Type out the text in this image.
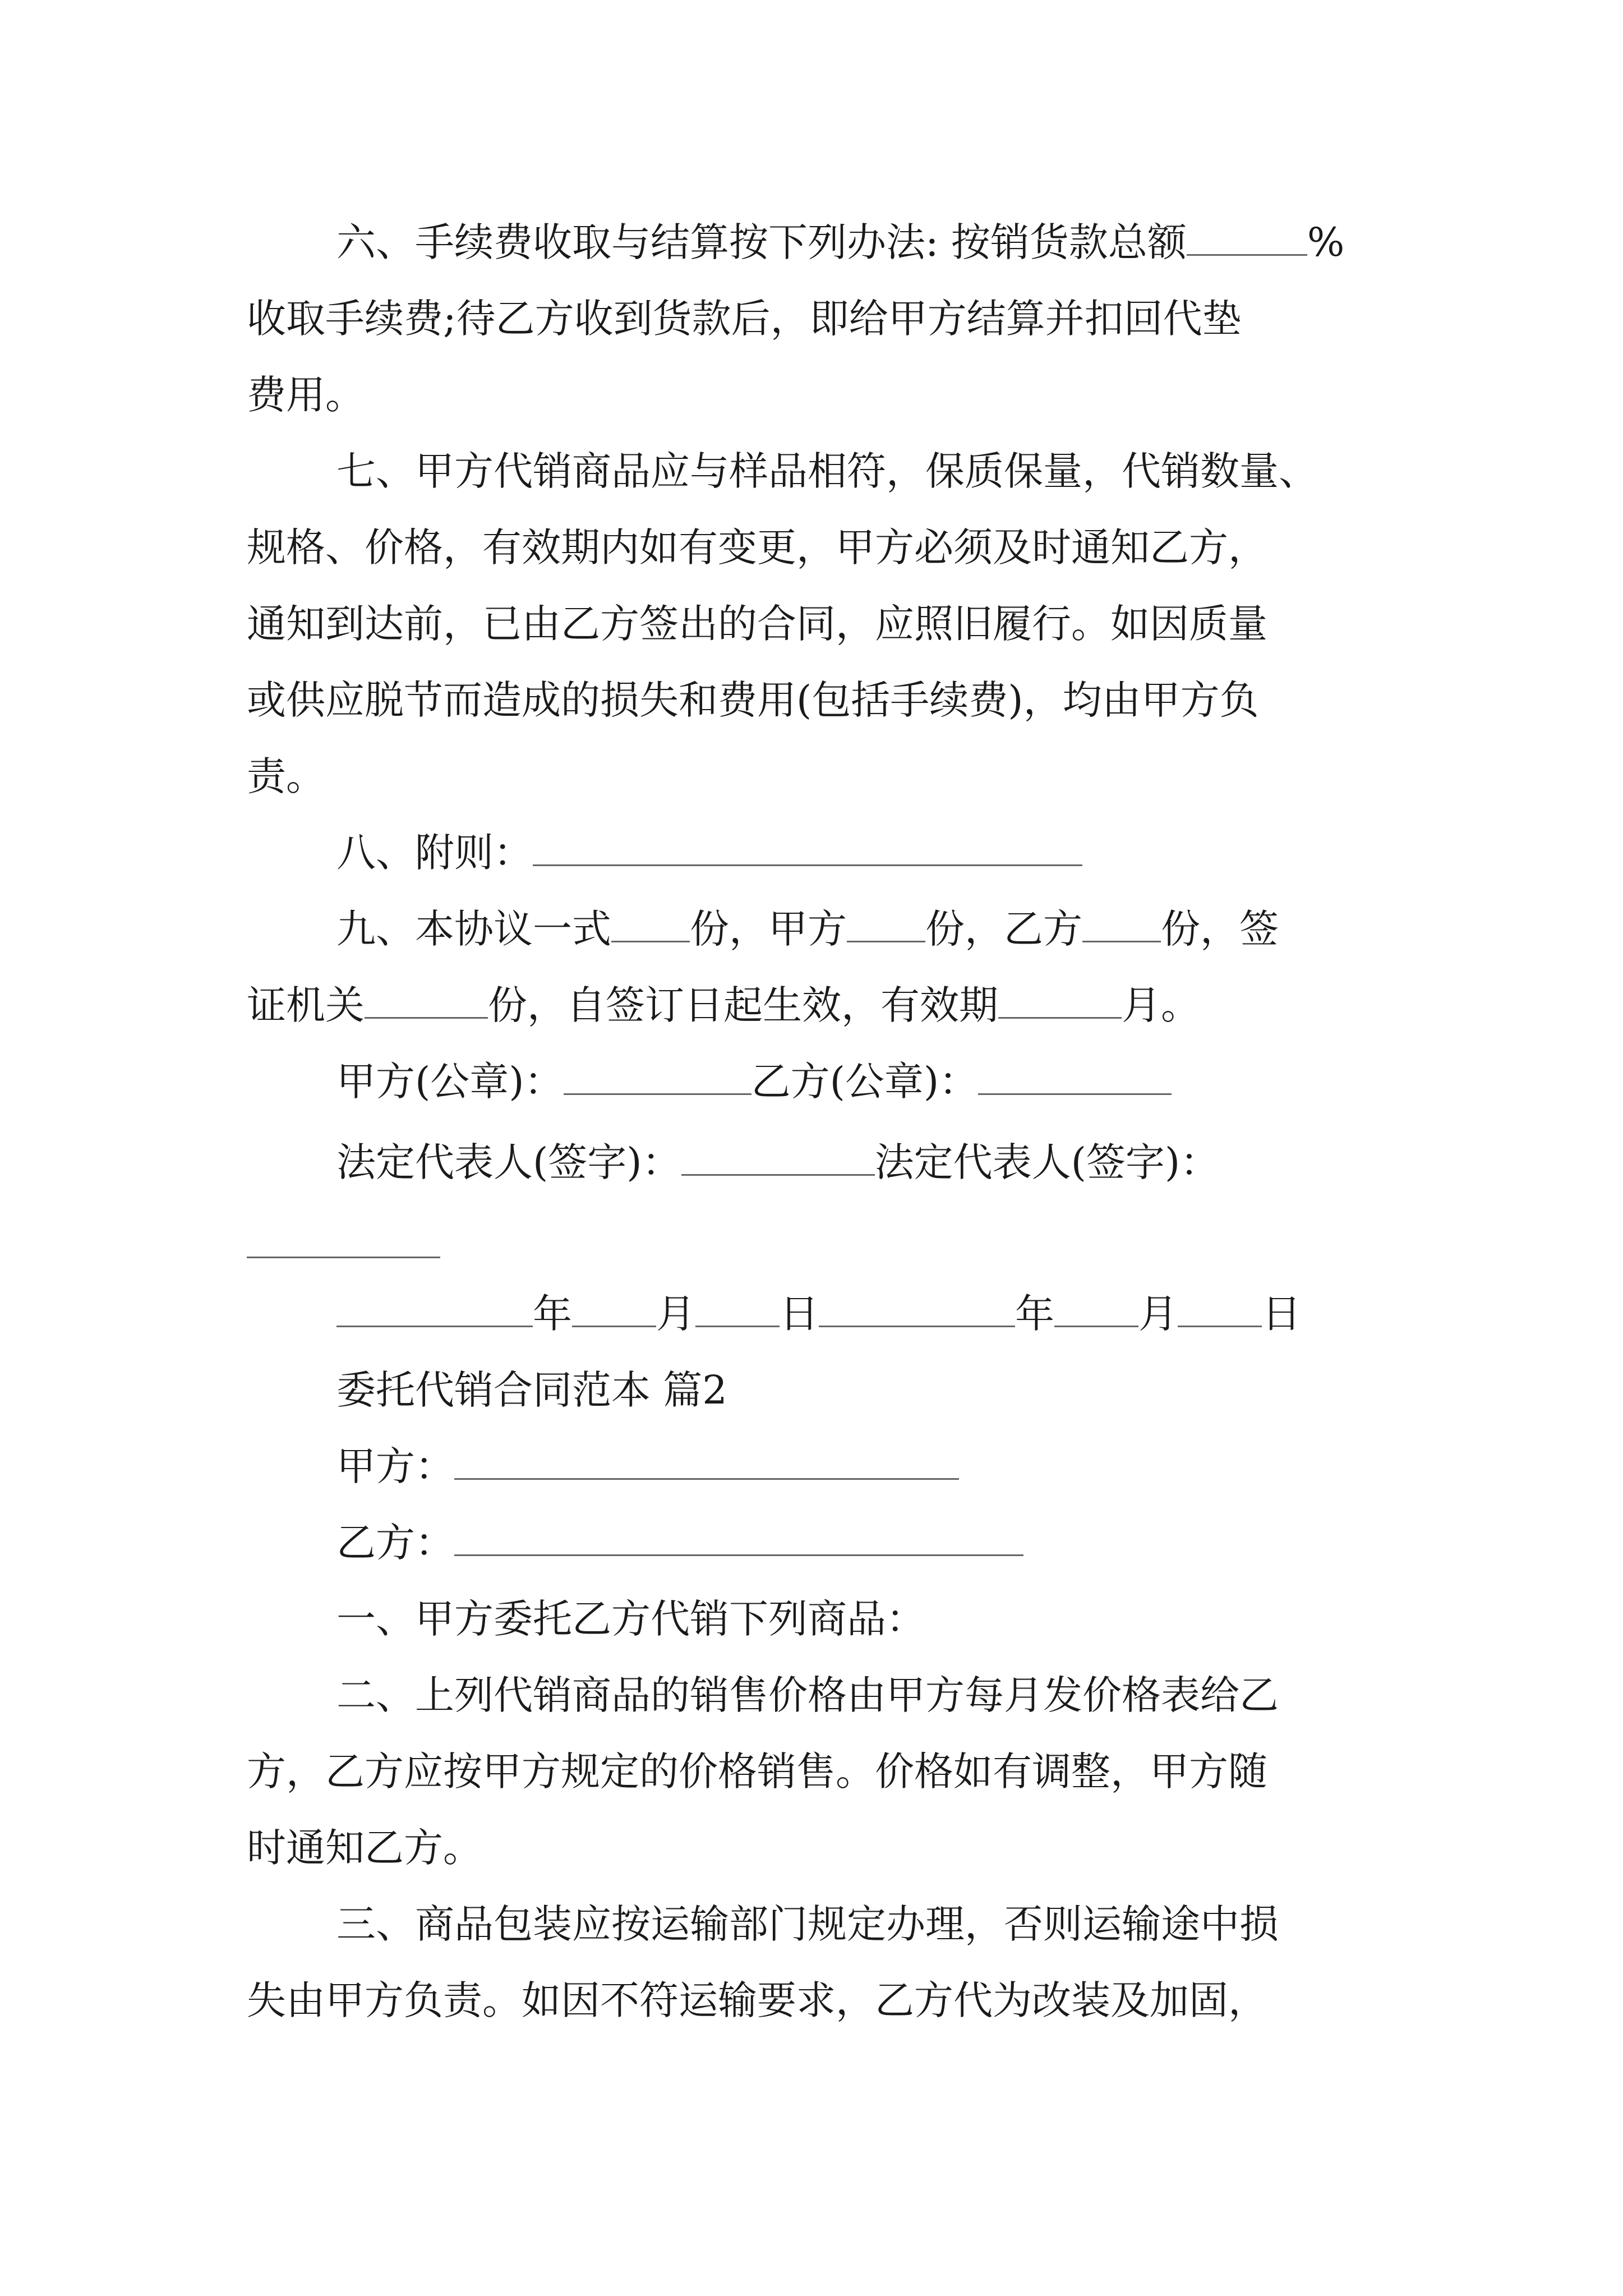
六、手续费收取与结算按下列办法: 按销货款总额	%
收取手续费;待乙方收到货款后，即给甲方结算并扣回代垫
费用。
七、甲方代销商品应与样品相符，保质保量，代销数量、
规格、价格，有效期内如有变更，甲方必须及时通知乙方，
通知到达前，已由乙方签出的合同，应照旧履行。如因质量
或供应脱节而造成的损失和费用(包括手续费)，均由甲方负
责。
八、附则：
九、本协议一式 份，甲方 份，乙方 份，签
证机关	份，自签订日起生效，有效期	月。
甲方(公章)：	乙方(公章)：
法定代表人(签字)：	法定代表人(签字)：
年 月 日	年 月 日
委托代销合同范本 篇2
甲方：
乙方：
一、甲方委托乙方代销下列商品：
二、上列代销商品的销售价格由甲方每月发价格表给乙
方，乙方应按甲方规定的价格销售。价格如有调整，甲方随
时通知乙方。
三、商品包装应按运输部门规定办理，否则运输途中损
失由甲方负责。如因不符运输要求，乙方代为改装及加固，
